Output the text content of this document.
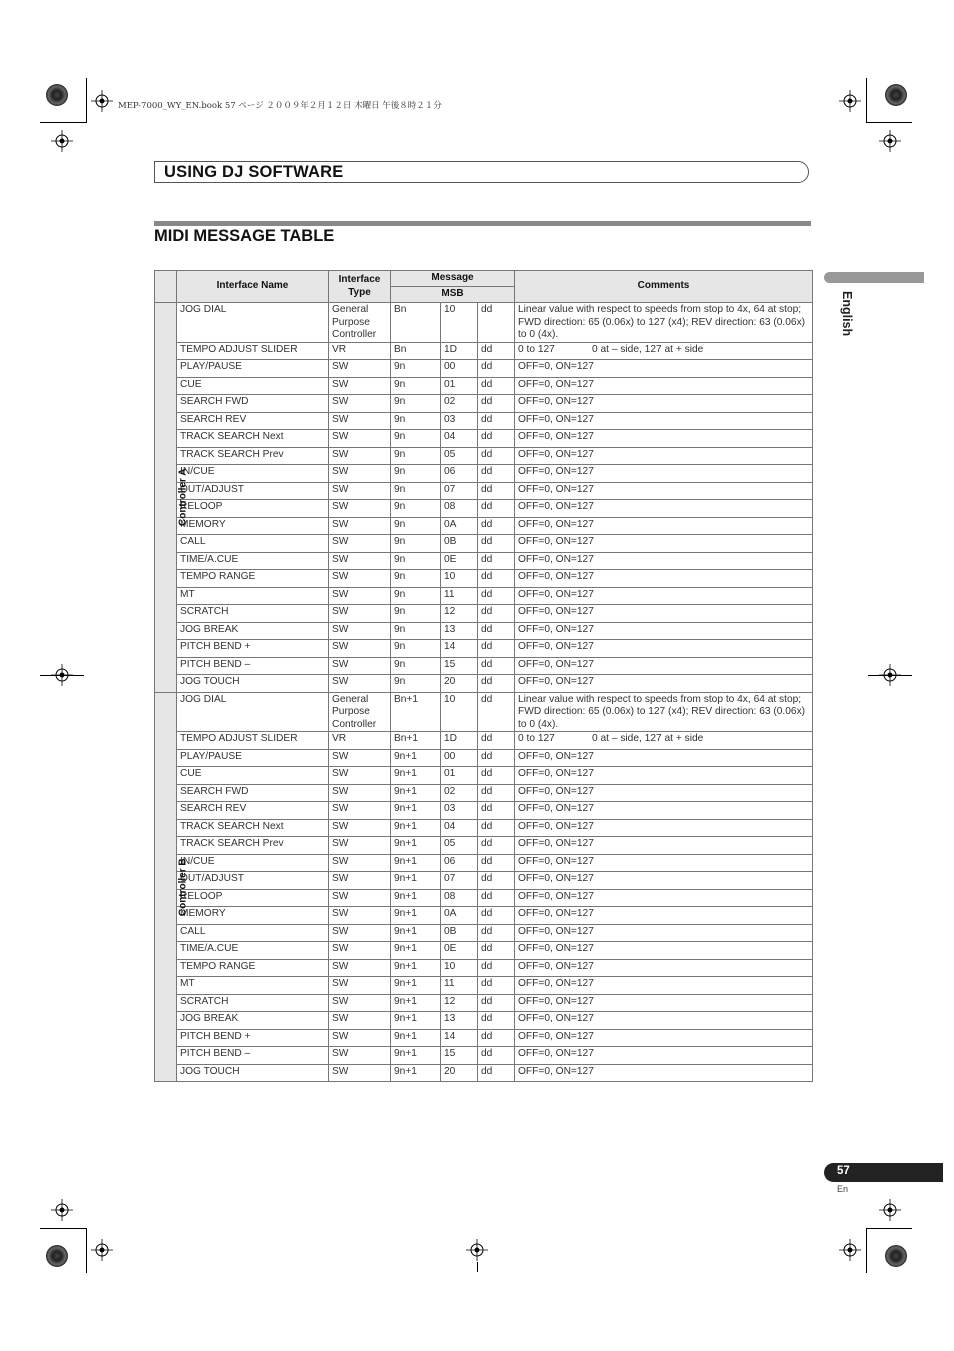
MEP-7000_WY_EN.book 57 ページ ２００９年２月１２日 木曜日 午後８時２１分
USING DJ SOFTWARE
MIDI MESSAGE TABLE
English
	Interface Name	Interface Type	Message			Comments
			MSB			
Controller A	JOG DIAL	General Purpose Controller	Bn	10	dd	Linear value with respect to speeds from stop to 4x, 64 at stop; FWD direction: 65 (0.06x) to 127 (x4); REV direction: 63 (0.06x) to 0 (4x).
	TEMPO ADJUST SLIDER	VR	Bn	1D	dd	0 to 127 0 at – side, 127 at + side
	PLAY/PAUSE	SW	9n	00	dd	OFF=0, ON=127
	CUE	SW	9n	01	dd	OFF=0, ON=127
	SEARCH FWD	SW	9n	02	dd	OFF=0, ON=127
	SEARCH REV	SW	9n	03	dd	OFF=0, ON=127
	TRACK SEARCH Next	SW	9n	04	dd	OFF=0, ON=127
	TRACK SEARCH Prev	SW	9n	05	dd	OFF=0, ON=127
	IN/CUE	SW	9n	06	dd	OFF=0, ON=127
	OUT/ADJUST	SW	9n	07	dd	OFF=0, ON=127
	RELOOP	SW	9n	08	dd	OFF=0, ON=127
	MEMORY	SW	9n	0A	dd	OFF=0, ON=127
	CALL	SW	9n	0B	dd	OFF=0, ON=127
	TIME/A.CUE	SW	9n	0E	dd	OFF=0, ON=127
	TEMPO RANGE	SW	9n	10	dd	OFF=0, ON=127
	MT	SW	9n	11	dd	OFF=0, ON=127
	SCRATCH	SW	9n	12	dd	OFF=0, ON=127
	JOG BREAK	SW	9n	13	dd	OFF=0, ON=127
	PITCH BEND +	SW	9n	14	dd	OFF=0, ON=127
	PITCH BEND –	SW	9n	15	dd	OFF=0, ON=127
	JOG TOUCH	SW	9n	20	dd	OFF=0, ON=127
Controller B	JOG DIAL	General Purpose Controller	Bn+1	10	dd	Linear value with respect to speeds from stop to 4x, 64 at stop; FWD direction: 65 (0.06x) to 127 (x4); REV direction: 63 (0.06x) to 0 (4x).
	TEMPO ADJUST SLIDER	VR	Bn+1	1D	dd	0 to 127 0 at – side, 127 at + side
	PLAY/PAUSE	SW	9n+1	00	dd	OFF=0, ON=127
	CUE	SW	9n+1	01	dd	OFF=0, ON=127
	SEARCH FWD	SW	9n+1	02	dd	OFF=0, ON=127
	SEARCH REV	SW	9n+1	03	dd	OFF=0, ON=127
	TRACK SEARCH Next	SW	9n+1	04	dd	OFF=0, ON=127
	TRACK SEARCH Prev	SW	9n+1	05	dd	OFF=0, ON=127
	IN/CUE	SW	9n+1	06	dd	OFF=0, ON=127
	OUT/ADJUST	SW	9n+1	07	dd	OFF=0, ON=127
	RELOOP	SW	9n+1	08	dd	OFF=0, ON=127
	MEMORY	SW	9n+1	0A	dd	OFF=0, ON=127
	CALL	SW	9n+1	0B	dd	OFF=0, ON=127
	TIME/A.CUE	SW	9n+1	0E	dd	OFF=0, ON=127
	TEMPO RANGE	SW	9n+1	10	dd	OFF=0, ON=127
	MT	SW	9n+1	11	dd	OFF=0, ON=127
	SCRATCH	SW	9n+1	12	dd	OFF=0, ON=127
	JOG BREAK	SW	9n+1	13	dd	OFF=0, ON=127
	PITCH BEND +	SW	9n+1	14	dd	OFF=0, ON=127
	PITCH BEND –	SW	9n+1	15	dd	OFF=0, ON=127
	JOG TOUCH	SW	9n+1	20	dd	OFF=0, ON=127
57
En
